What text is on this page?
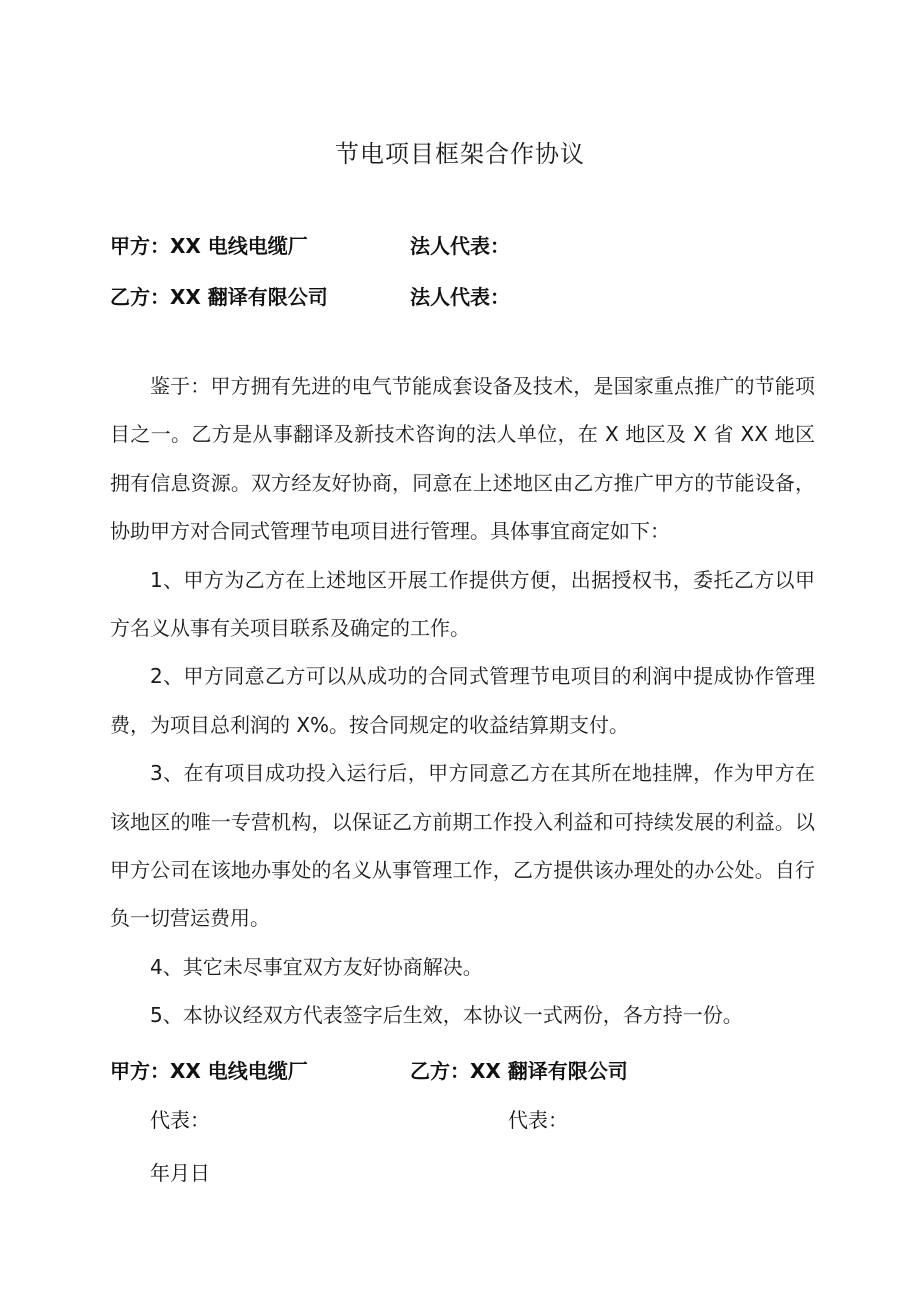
节电项目框架合作协议
甲方：XX 电线电缆厂	法人代表：
乙方：XX 翻译有限公司	法人代表：

鉴于：甲方拥有先进的电气节能成套设备及技术，是国家重点推广的节能项目之一。乙方是从事翻译及新技术咨询的法人单位，在 X 地区及 X 省 XX 地区拥有信息资源。双方经友好协商，同意在上述地区由乙方推广甲方的节能设备，协助甲方对合同式管理节电项目进行管理。具体事宜商定如下：

1、甲方为乙方在上述地区开展工作提供方便，出据授权书，委托乙方以甲方名义从事有关项目联系及确定的工作。

2、甲方同意乙方可以从成功的合同式管理节电项目的利润中提成协作管理费，为项目总利润的 X%。按合同规定的收益结算期支付。

3、在有项目成功投入运行后，甲方同意乙方在其所在地挂牌，作为甲方在该地区的唯一专营机构，以保证乙方前期工作投入利益和可持续发展的利益。以甲方公司在该地办事处的名义从事管理工作，乙方提供该办理处的办公处。自行负一切营运费用。

4、其它未尽事宜双方友好协商解决。

5、本协议经双方代表签字后生效，本协议一式两份，各方持一份。

甲方：XX 电线电缆厂	乙方：XX 翻译有限公司
代表：	代表：
年月日
